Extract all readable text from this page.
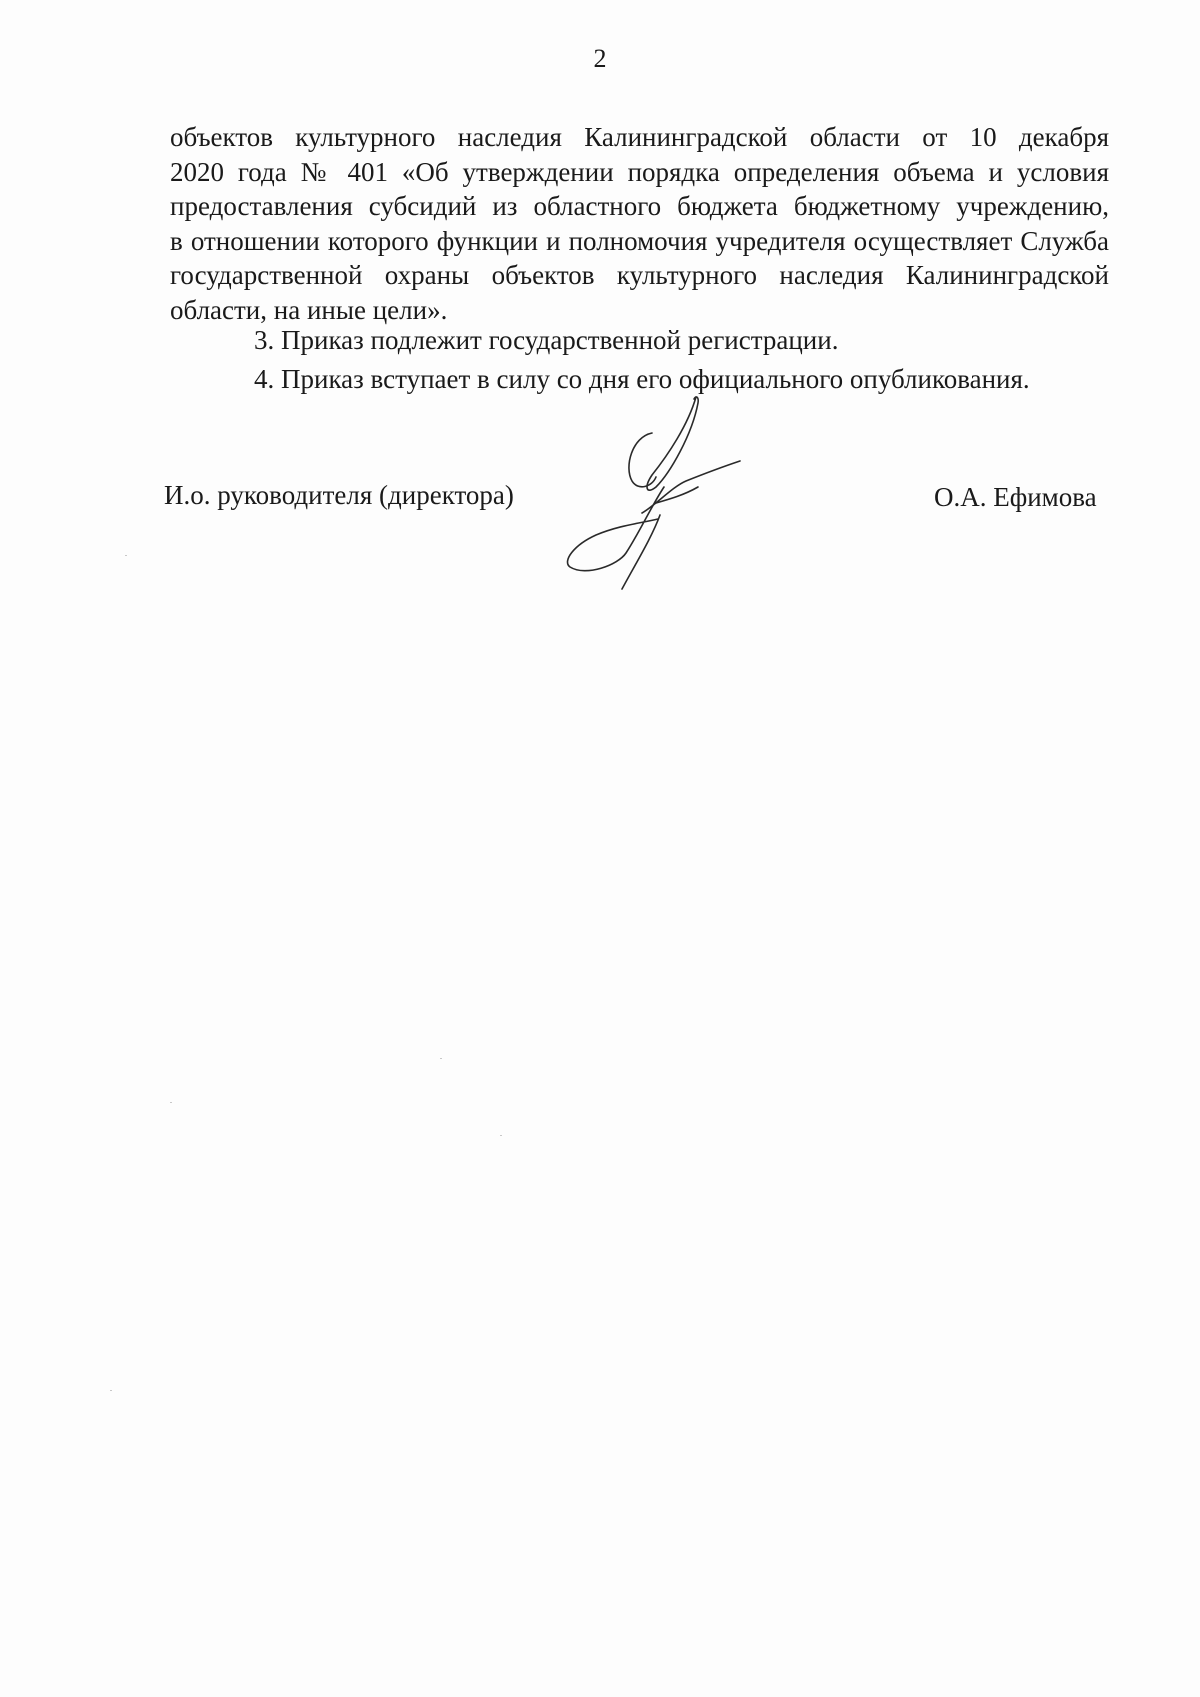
2
объектов культурного наследия Калининградской области от 10 декабря
2020 года № 401 «Об утверждении порядка определения объема и условия
предоставления субсидий из областного бюджета бюджетному учреждению,
в отношении которого функции и полномочия учредителя осуществляет Служба
государственной охраны объектов культурного наследия Калининградской
области, на иные цели».
3. Приказ подлежит государственной регистрации.
4. Приказ вступает в силу со дня его официального опубликования.
И.о. руководителя (директора)	О.А. Ефимова
